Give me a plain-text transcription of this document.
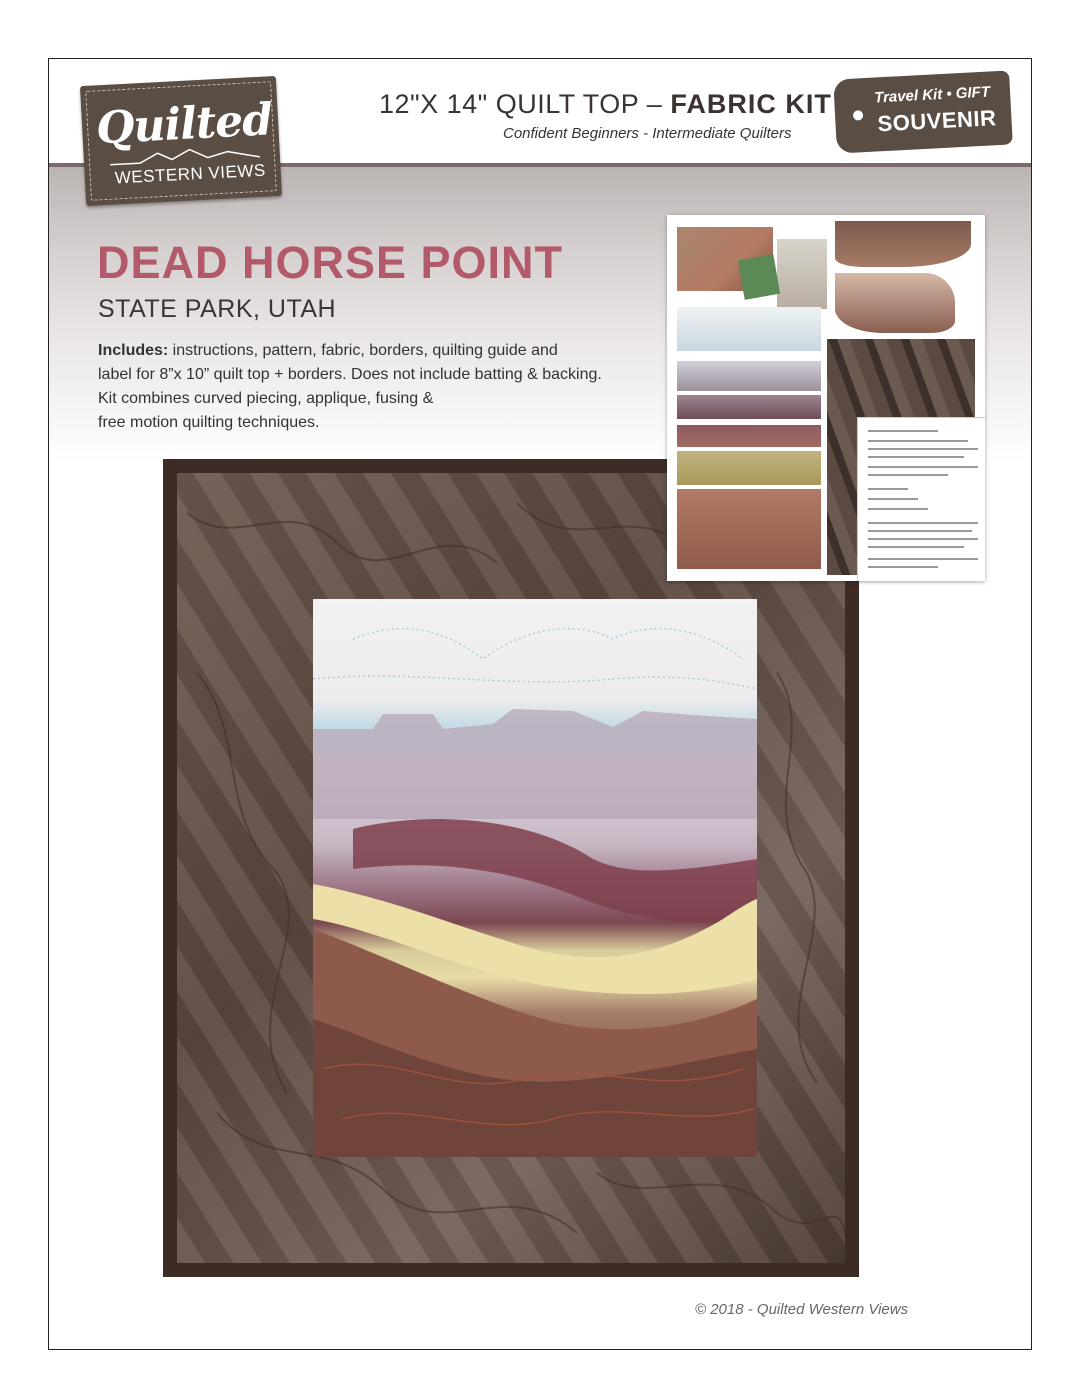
12"X 14" QUILT TOP – FABRIC KIT
Confident Beginners - Intermediate Quilters
Travel Kit • GIFT
SOUVENIR
Quilted
WESTERN VIEWS
DEAD HORSE POINT
STATE PARK, UTAH
Includes: instructions, pattern, fabric, borders, quilting guide and
label for 8”x 10” quilt top + borders. Does not include batting & backing.
Kit combines curved piecing, applique, fusing &
free motion quilting techniques.
© 2018 - Quilted Western Views
